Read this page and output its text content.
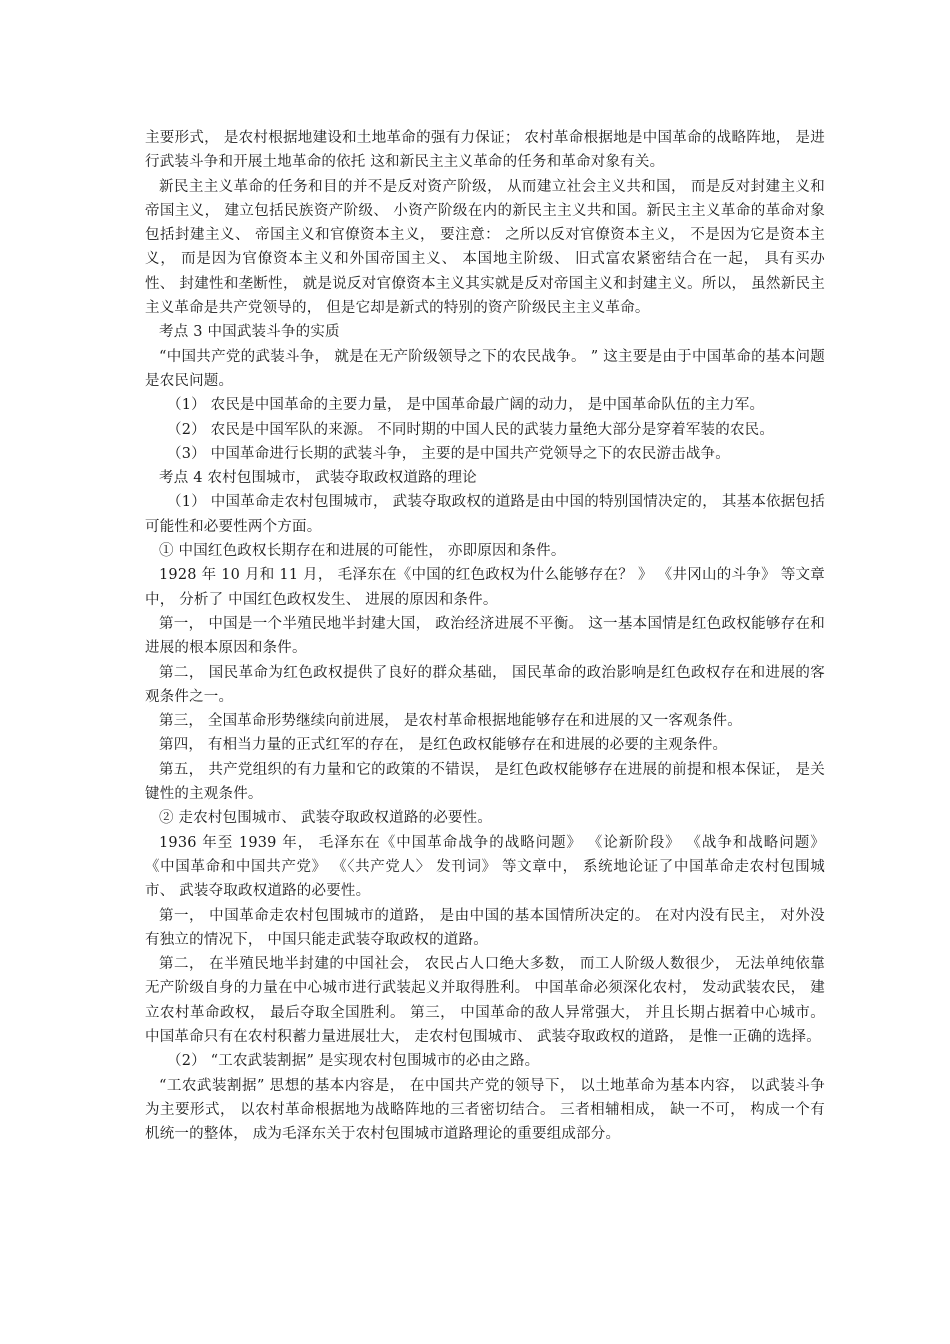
主要形式， 是农村根据地建设和土地革命的强有力保证； 农村革命根据地是中国革命的战略阵地， 是进行武装斗争和开展土地革命的依托 这和新民主主义革命的任务和革命对象有关。

新民主主义革命的任务和目的并不是反对资产阶级， 从而建立社会主义共和国， 而是反对封建主义和帝国主义， 建立包括民族资产阶级、 小资产阶级在内的新民主主义共和国。新民主主义革命的革命对象包括封建主义、 帝国主义和官僚资本主义， 要注意： 之所以反对官僚资本主义， 不是因为它是资本主义， 而是因为官僚资本主义和外国帝国主义、 本国地主阶级、 旧式富农紧密结合在一起， 具有买办性、 封建性和垄断性， 就是说反对官僚资本主义其实就是反对帝国主义和封建主义。所以， 虽然新民主主义革命是共产党领导的， 但是它却是新式的特别的资产阶级民主主义革命。

考点 3 中国武装斗争的实质

“中国共产党的武装斗争， 就是在无产阶级领导之下的农民战争。 ” 这主要是由于中国革命的基本问题是农民问题。

（1） 农民是中国革命的主要力量， 是中国革命最广阔的动力， 是中国革命队伍的主力军。

（2） 农民是中国军队的来源。 不同时期的中国人民的武装力量绝大部分是穿着军装的农民。

（3） 中国革命进行长期的武装斗争， 主要的是中国共产党领导之下的农民游击战争。

考点 4 农村包围城市， 武装夺取政权道路的理论

（1） 中国革命走农村包围城市， 武装夺取政权的道路是由中国的特别国情决定的， 其基本依据包括可能性和必要性两个方面。

① 中国红色政权长期存在和进展的可能性， 亦即原因和条件。

1928 年 10 月和 11 月， 毛泽东在《中国的红色政权为什么能够存在？ 》 《井冈山的斗争》 等文章中， 分析了 中国红色政权发生、 进展的原因和条件。

第一， 中国是一个半殖民地半封建大国， 政治经济进展不平衡。 这一基本国情是红色政权能够存在和进展的根本原因和条件。

第二， 国民革命为红色政权提供了良好的群众基础， 国民革命的政治影响是红色政权存在和进展的客观条件之一。

第三， 全国革命形势继续向前进展， 是农村革命根据地能够存在和进展的又一客观条件。

第四， 有相当力量的正式红军的存在， 是红色政权能够存在和进展的必要的主观条件。

第五， 共产党组织的有力量和它的政策的不错误， 是红色政权能够存在进展的前提和根本保证， 是关键性的主观条件。

② 走农村包围城市、 武装夺取政权道路的必要性。

1936 年至 1939 年， 毛泽东在《中国革命战争的战略问题》 《论新阶段》 《战争和战略问题》 《中国革命和中国共产党》 《〈共产党人〉 发刊词》 等文章中， 系统地论证了中国革命走农村包围城市、 武装夺取政权道路的必要性。

第一， 中国革命走农村包围城市的道路， 是由中国的基本国情所决定的。 在对内没有民主， 对外没有独立的情况下， 中国只能走武装夺取政权的道路。

第二， 在半殖民地半封建的中国社会， 农民占人口绝大多数， 而工人阶级人数很少， 无法单纯依靠无产阶级自身的力量在中心城市进行武装起义并取得胜利。 中国革命必须深化农村， 发动武装农民， 建立农村革命政权， 最后夺取全国胜利。 第三， 中国革命的敌人异常强大， 并且长期占据着中心城市。 中国革命只有在农村积蓄力量进展壮大， 走农村包围城市、 武装夺取政权的道路， 是惟一正确的选择。

（2） “工农武装割据” 是实现农村包围城市的必由之路。

“工农武装割据” 思想的基本内容是， 在中国共产党的领导下， 以土地革命为基本内容， 以武装斗争为主要形式， 以农村革命根据地为战略阵地的三者密切结合。 三者相辅相成， 缺一不可， 构成一个有机统一的整体， 成为毛泽东关于农村包围城市道路理论的重要组成部分。
